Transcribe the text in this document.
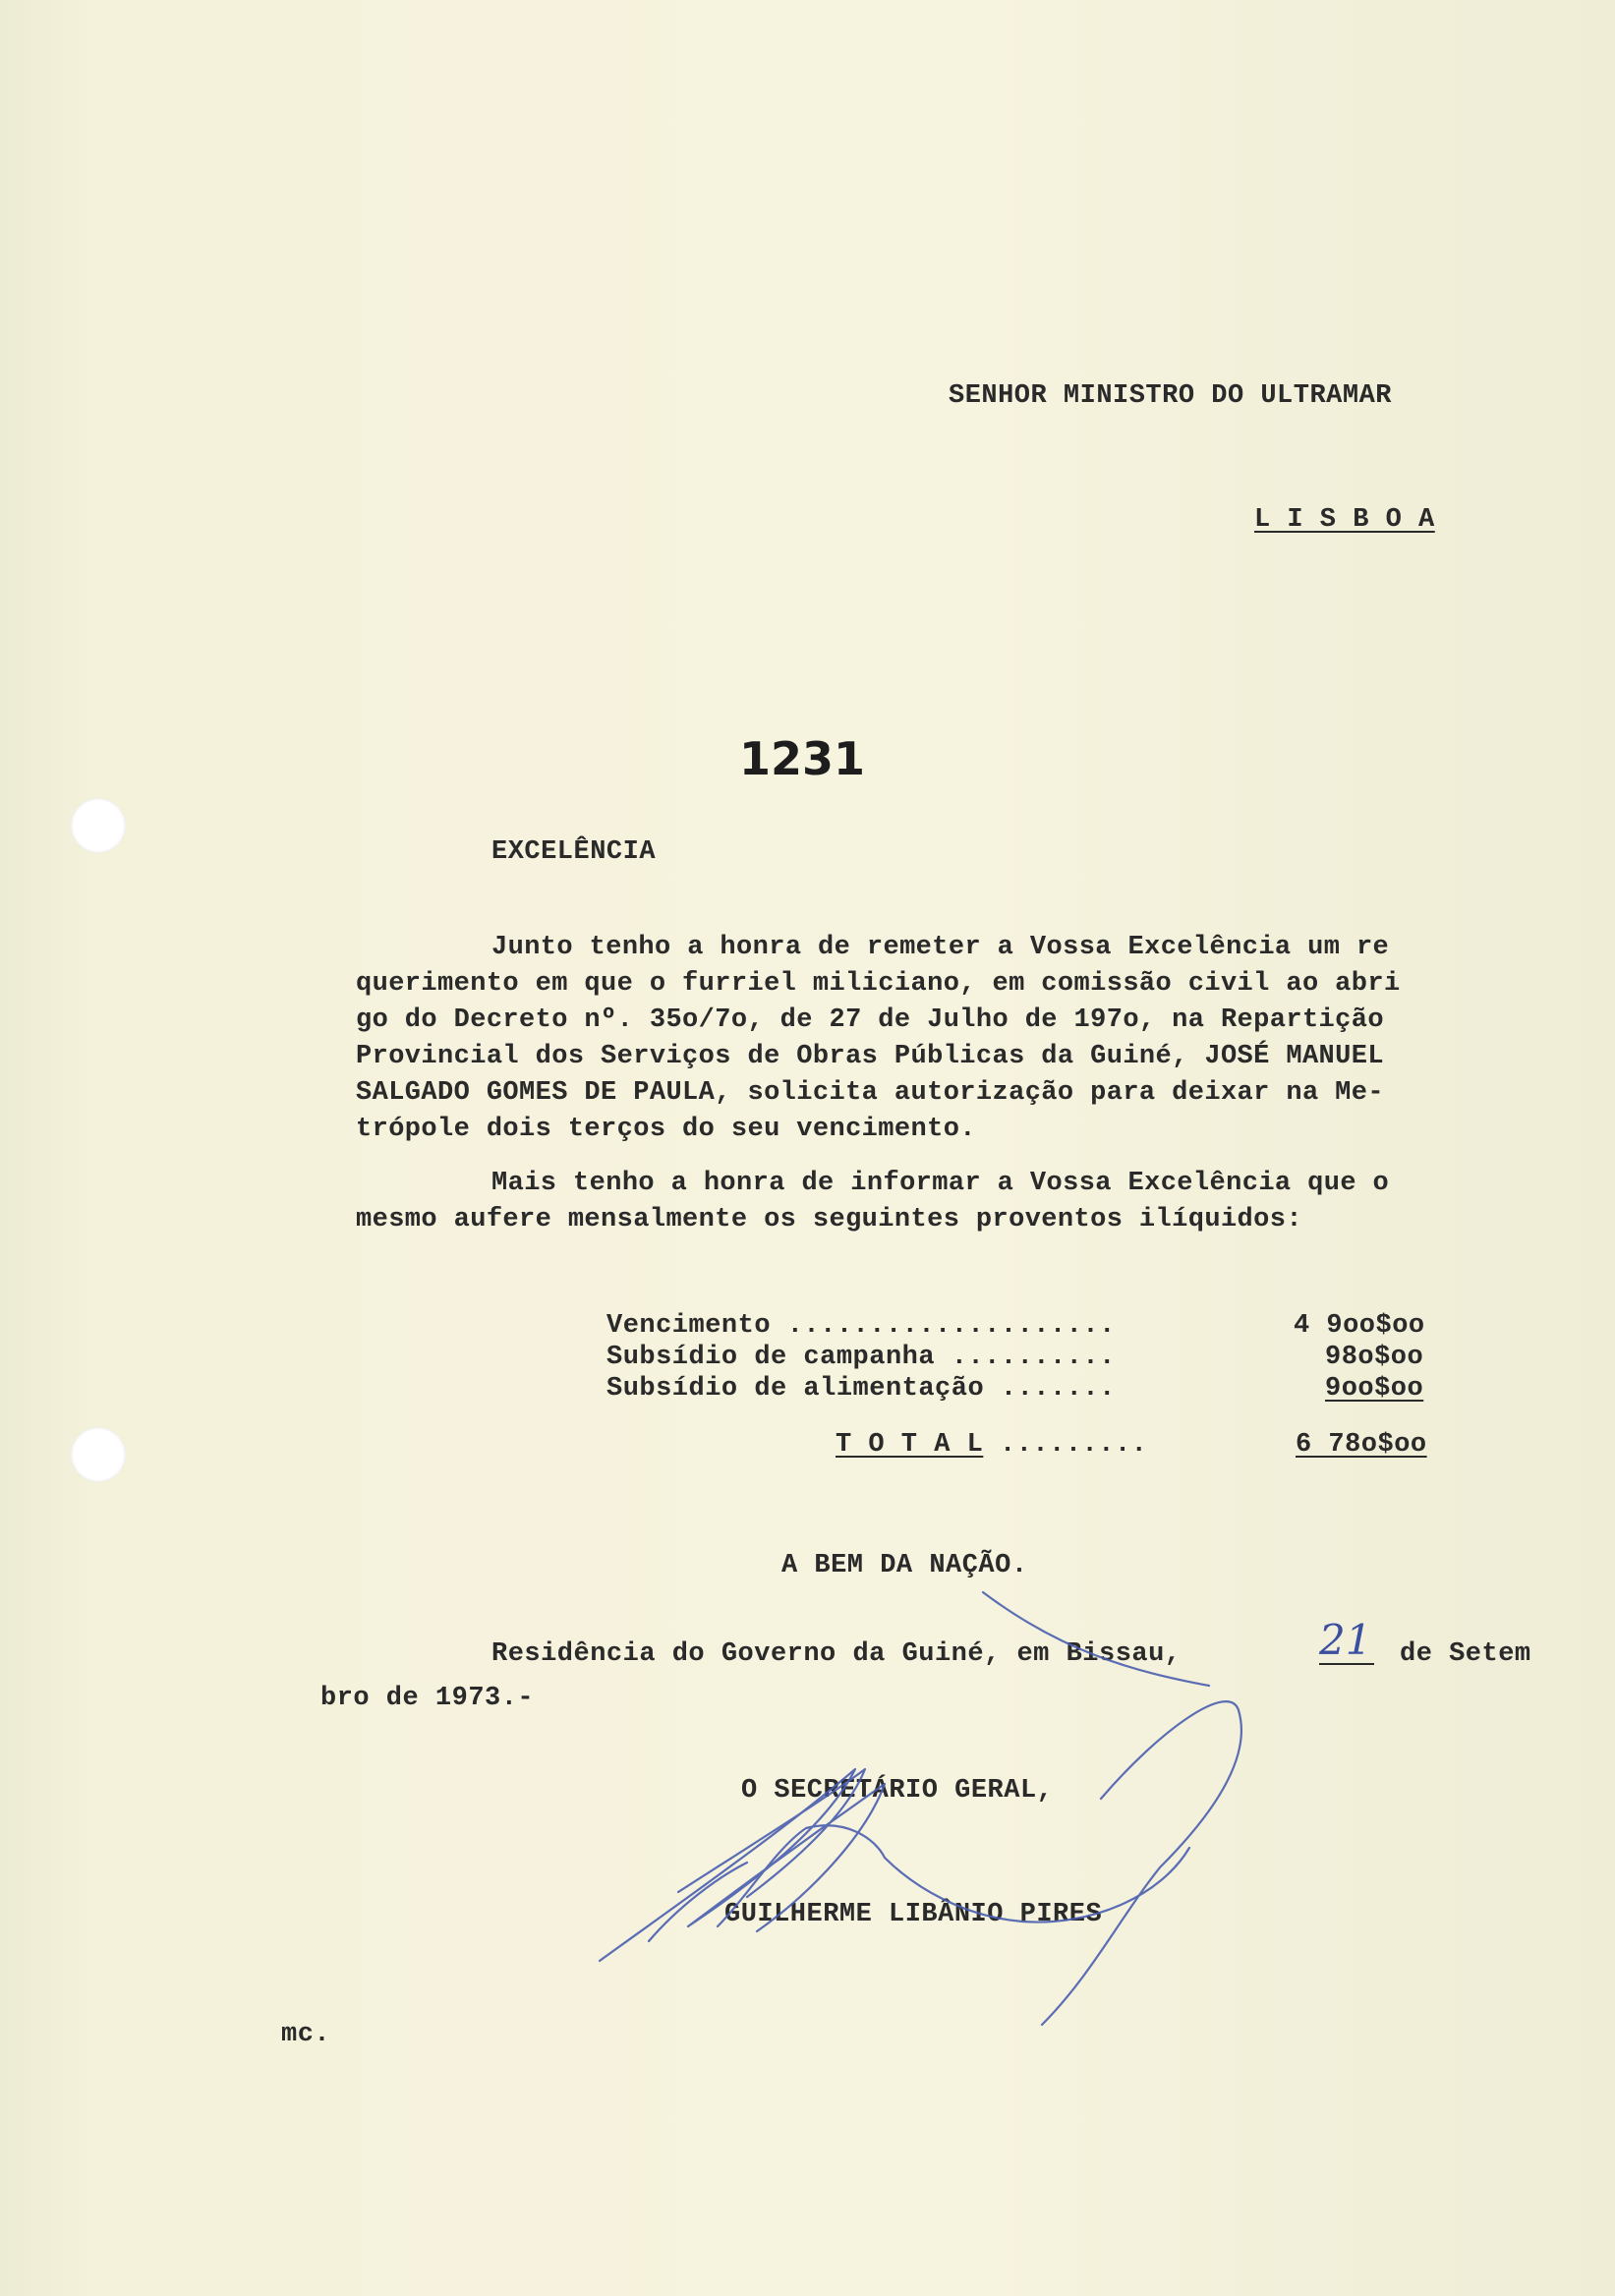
SENHOR MINISTRO DO ULTRAMAR
L I S B O A
1231
EXCELÊNCIA
Junto tenho a honra de remeter a Vossa Excelência um re
querimento em que o furriel miliciano, em comissão civil ao abri
go do Decreto nº. 35o/7o, de 27 de Julho de 197o, na Repartição
Provincial dos Serviços de Obras Públicas da Guiné, JOSÉ MANUEL
SALGADO GOMES DE PAULA, solicita autorização para deixar na Me-
trópole dois terços do seu vencimento.
Mais tenho a honra de informar a Vossa Excelência que o
mesmo aufere mensalmente os seguintes proventos ilíquidos:
Vencimento ....................	4 9oo$oo
Subsídio de campanha ..........	98o$oo
Subsídio de alimentação .......	9oo$oo
T O T A L .........	6 78o$oo
A BEM DA NAÇÃO.
Residência do Governo da Guiné, em Bissau,	21 de Setem
bro de 1973.-
O SECRETÁRIO GERAL,
GUILHERME LIBÂNIO PIRES
mc.
